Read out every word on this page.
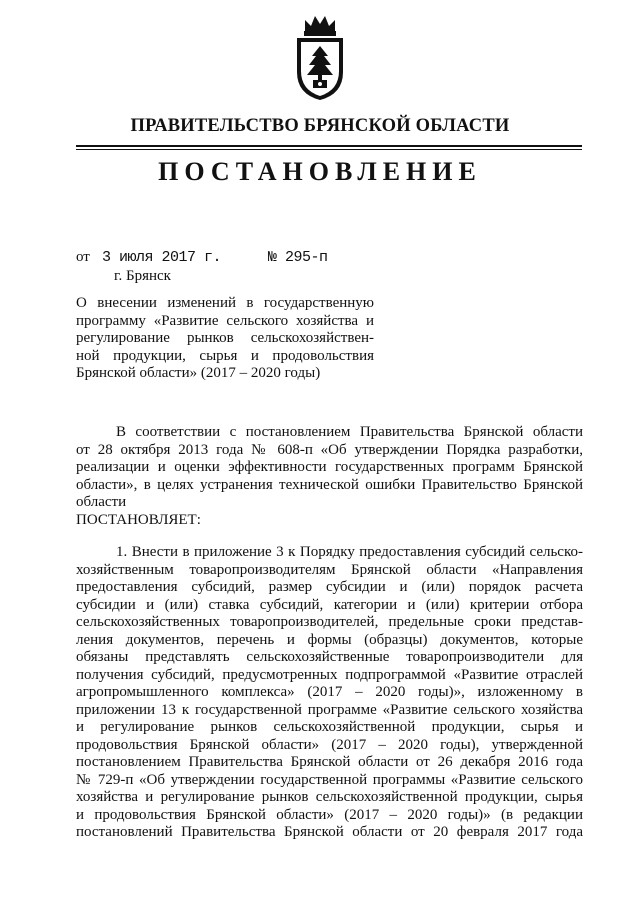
ПРАВИТЕЛЬСТВО БРЯНСКОЙ ОБЛАСТИ
ПОСТАНОВЛЕНИЕ
от 3 июля 2017 г.	№ 295-п
г. Брянск
О внесении изменений в государственную
программу «Развитие сельского хозяйства и
регулирование рынков сельскохозяйствен-
ной продукции, сырья и продовольствия
Брянской области» (2017 – 2020 годы)
В соответствии с постановлением Правительства Брянской области
от 28 октября 2013 года № 608-п «Об утверждении Порядка разработки,
реализации и оценки эффективности государственных программ Брянской
области», в целях устранения технической ошибки Правительство Брянской
области
ПОСТАНОВЛЯЕТ:
1. Внести в приложение 3 к Порядку предоставления субсидий сельско-
хозяйственным товаропроизводителям Брянской области «Направления
предоставления субсидий, размер субсидии и (или) порядок расчета
субсидии и (или) ставка субсидий, категории и (или) критерии отбора
сельскохозяйственных товаропроизводителей, предельные сроки представ-
ления документов, перечень и формы (образцы) документов, которые
обязаны представлять сельскохозяйственные товаропроизводители для
получения субсидий, предусмотренных подпрограммой «Развитие отраслей
агропромышленного комплекса» (2017 – 2020 годы)», изложенному в
приложении 13 к государственной программе «Развитие сельского хозяйства
и регулирование рынков сельскохозяйственной продукции, сырья и
продовольствия Брянской области» (2017 – 2020 годы), утвержденной
постановлением Правительства Брянской области от 26 декабря 2016 года
№ 729-п «Об утверждении государственной программы «Развитие сельского
хозяйства и регулирование рынков сельскохозяйственной продукции, сырья
и продовольствия Брянской области» (2017 – 2020 годы)» (в редакции
постановлений Правительства Брянской области от 20 февраля 2017 года
